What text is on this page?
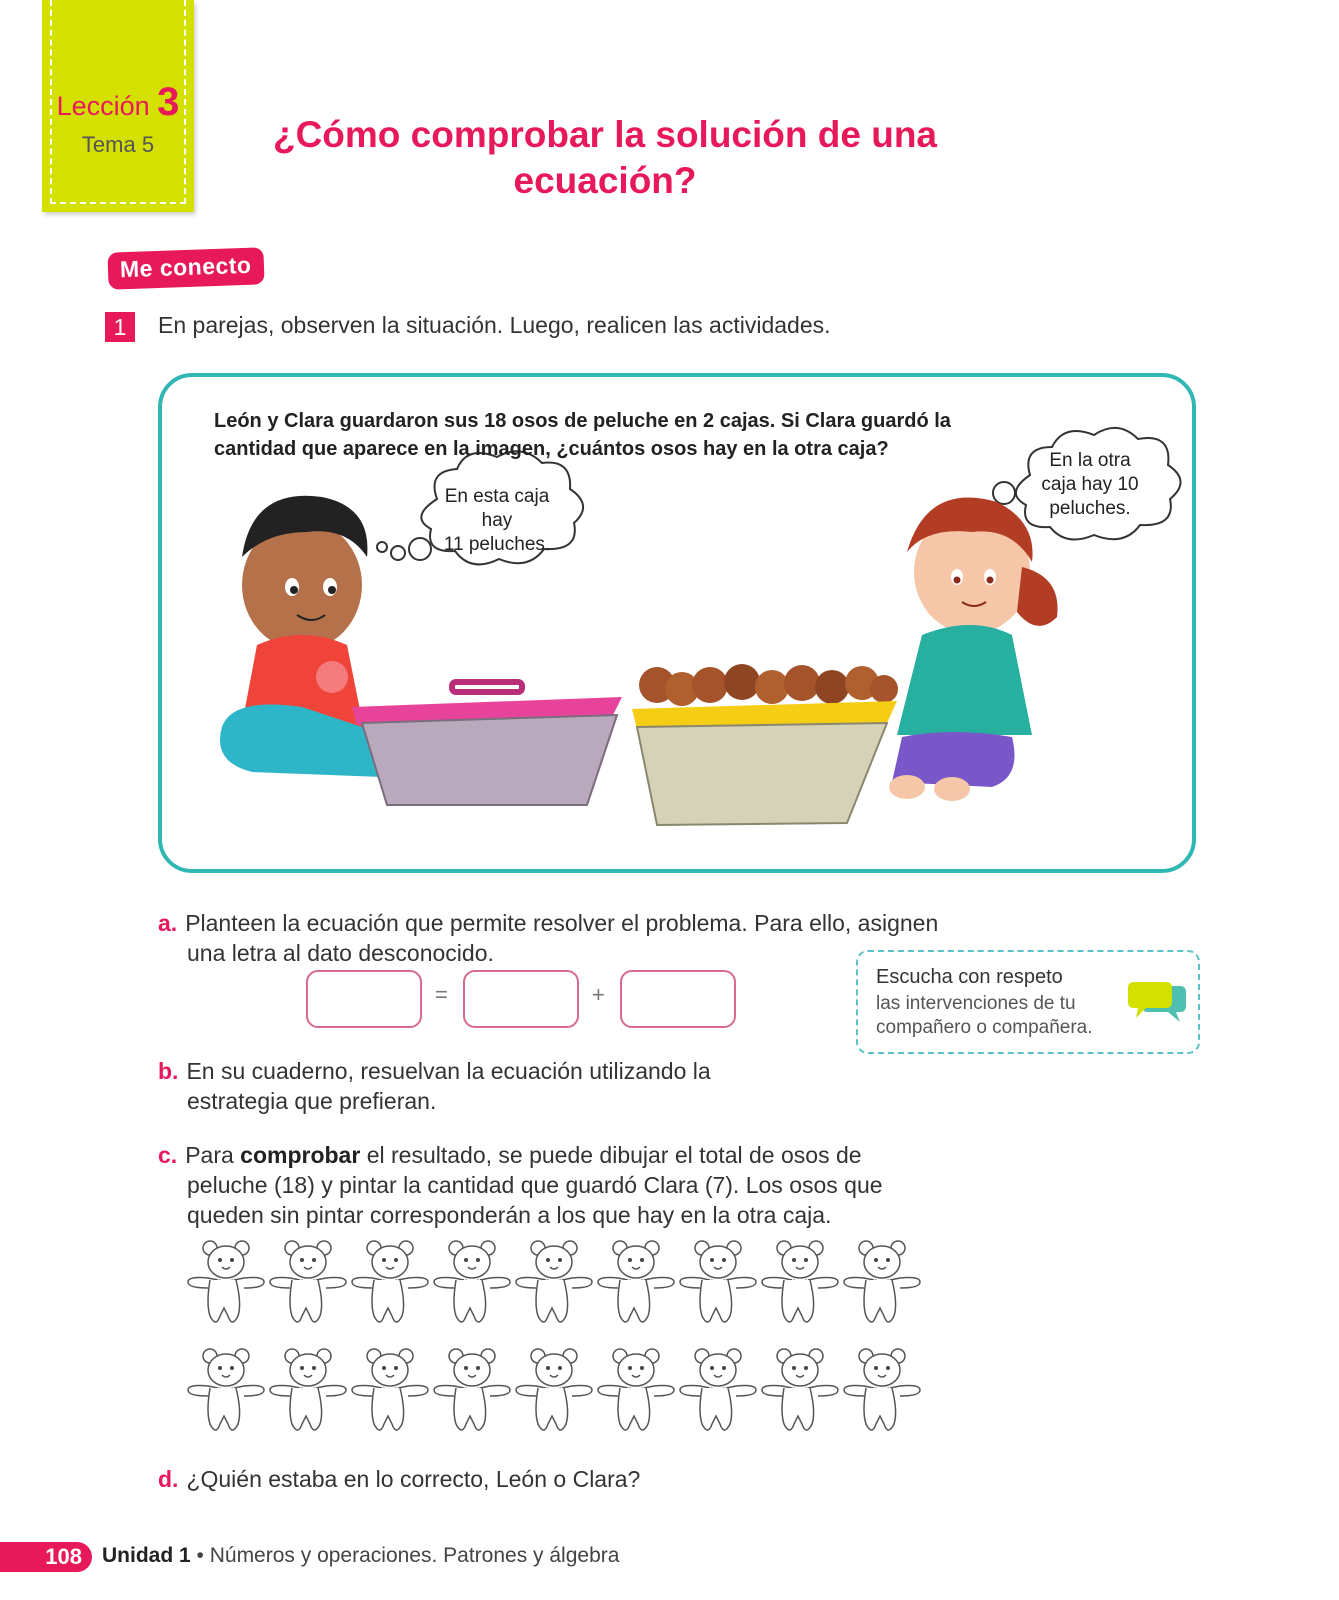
Lección 3
Tema 5	¿Cómo comprobar la solución de una ecuación?
Me conecto
1	En parejas, observen la situación. Luego, realicen las actividades.
León y Clara guardaron sus 18 osos de peluche en 2 cajas. Si Clara guardó la
cantidad que aparece en la imagen, ¿cuántos osos hay en la otra caja?
En esta caja
hay
11 peluches.
En la otra
caja hay 10
peluches.
a. Planteen la ecuación que permite resolver el problema. Para ello, asignen
una letra al dato desconocido.
=	+
Escucha con respeto
las intervenciones de tu
compañero o compañera.
b. En su cuaderno, resuelvan la ecuación utilizando la
estrategia que prefieran.
c. Para comprobar el resultado, se puede dibujar el total de osos de
peluche (18) y pintar la cantidad que guardó Clara (7). Los osos que
queden sin pintar corresponderán a los que hay en la otra caja.
d. ¿Quién estaba en lo correcto, León o Clara?
108 Unidad 1 • Números y operaciones. Patrones y álgebra
